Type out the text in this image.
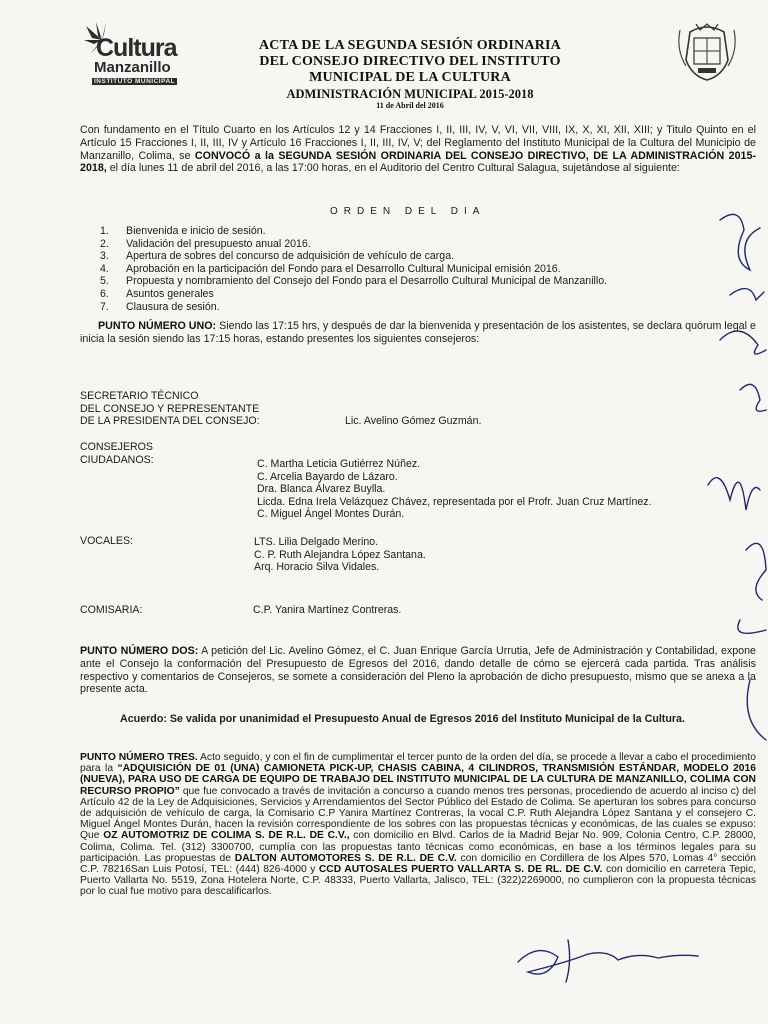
Cultura
Manzanillo
INSTITUTO MUNICIPAL
ACTA DE LA SEGUNDA SESIÓN ORDINARIA
DEL CONSEJO DIRECTIVO DEL INSTITUTO
MUNICIPAL DE LA CULTURA
ADMINISTRACIÓN MUNICIPAL 2015-2018
11 de Abril del 2016
Con fundamento en el Título Cuarto en los Artículos 12 y 14 Fracciones I, II, III, IV, V, VI, VII, VIII, IX, X, XI, XII, XIII; y Titulo Quinto en el Artículo 15 Fracciones I, II, III, IV y Artículo 16 Fracciones I, II, III, IV, V; del Reglamento del Instituto Municipal de la Cultura del Municipio de Manzanillo, Colima, se CONVOCÓ a la SEGUNDA SESIÓN ORDINARIA DEL CONSEJO DIRECTIVO, DE LA ADMINISTRACIÓN 2015-2018, el día lunes 11 de abril del 2016, a las 17:00 horas, en el Auditorio del Centro Cultural Salagua, sujetándose al siguiente:
ORDEN DEL DIA
1.	Bienvenida e inicio de sesión.
2.	Validación del presupuesto anual 2016.
3.	Apertura de sobres del concurso de adquisición de vehículo de carga.
4.	Aprobación en la participación del Fondo para el Desarrollo Cultural Municipal emisión 2016.
5.	Propuesta y nombramiento del Consejo del Fondo para el Desarrollo Cultural Municipal de Manzanillo.
6.	Asuntos generales
7.	Clausura de sesión.
PUNTO NÚMERO UNO: Siendo las 17:15 hrs, y después de dar la bienvenida y presentación de los asistentes, se declara quórum legal e inicia la sesión siendo las 17:15 horas, estando presentes los siguientes consejeros:
SECRETARIO TÉCNICO
DEL CONSEJO Y REPRESENTANTE
DE LA PRESIDENTA DEL CONSEJO:	Lic. Avelino Gómez Guzmán.
CONSEJEROS
CIUDADANOS:	C. Martha Leticia Gutiérrez Núñez.
C. Arcelia Bayardo de Lázaro.
Dra. Blanca Álvarez Buylla.
Licda. Edna Irela Velázquez Chávez, representada por el Profr. Juan Cruz Martínez.
C. Miguel Ángel Montes Durán.
VOCALES:	LTS. Lilia Delgado Merino.
C. P. Ruth Alejandra López Santana.
Arq. Horacio Silva Vidales.
COMISARIA:	C.P. Yanira Martínez Contreras.
PUNTO NÚMERO DOS: A petición del Lic. Avelino Gómez, el C. Juan Enrique García Urrutia, Jefe de Administración y Contabilidad, expone ante el Consejo la conformación del Presupuesto de Egresos del 2016, dando detalle de cómo se ejercerá cada partida. Tras análisis respectivo y comentarios de Consejeros, se somete a consideración del Pleno la aprobación de dicho presupuesto, mismo que se anexa a la presente acta.
Acuerdo: Se valida por unanimidad el Presupuesto Anual de Egresos 2016 del Instituto Municipal de la Cultura.
PUNTO NÚMERO TRES. Acto seguido, y con el fin de cumplimentar el tercer punto de la orden del día, se procede a llevar a cabo el procedimiento para la “ADQUISICIÓN DE 01 (UNA) CAMIONETA PICK-UP, CHASIS CABINA, 4 CILINDROS, TRANSMISIÓN ESTÁNDAR, MODELO 2016 (NUEVA), PARA USO DE CARGA DE EQUIPO DE TRABAJO DEL INSTITUTO MUNICIPAL DE LA CULTURA DE MANZANILLO, COLIMA CON RECURSO PROPIO” que fue convocado a través de invitación a concurso a cuando menos tres personas, procediendo de acuerdo al inciso c) del Artículo 42 de la Ley de Adquisiciones, Servicios y Arrendamientos del Sector Público del Estado de Colima. Se aperturan los sobres para concurso de adquisición de vehículo de carga, la Comisario C.P Yanira Martínez Contreras, la vocal C.P. Ruth Alejandra López Santana y el consejero C. Miguel Ángel Montes Durán, hacen la revisión correspondiente de los sobres con las propuestas técnicas y económicas, de las cuales se expuso: Que OZ AUTOMOTRIZ DE COLIMA S. DE R.L. DE C.V., con domicilio en Blvd. Carlos de la Madrid Bejar No. 909, Colonia Centro, C.P. 28000, Colima, Colima. Tel. (312) 3300700, cumplía con las propuestas tanto técnicas como económicas, en base a los términos legales para su participación. Las propuestas de DALTON AUTOMOTORES S. DE R.L. DE C.V. con domicilio en Cordillera de los Alpes 570, Lomas 4° sección C.P. 78216San Luis Potosí, TEL: (444) 826-4000 y CCD AUTOSALES PUERTO VALLARTA S. DE RL. DE C.V. con domicilio en carretera Tepic, Puerto Vallarta No. 5519, Zona Hotelera Norte, C.P. 48333, Puerto Vallarta, Jalisco, TEL: (322)2269000, no cumplieron con la propuesta técnicas por lo cual fue motivo para descalificarlos.
